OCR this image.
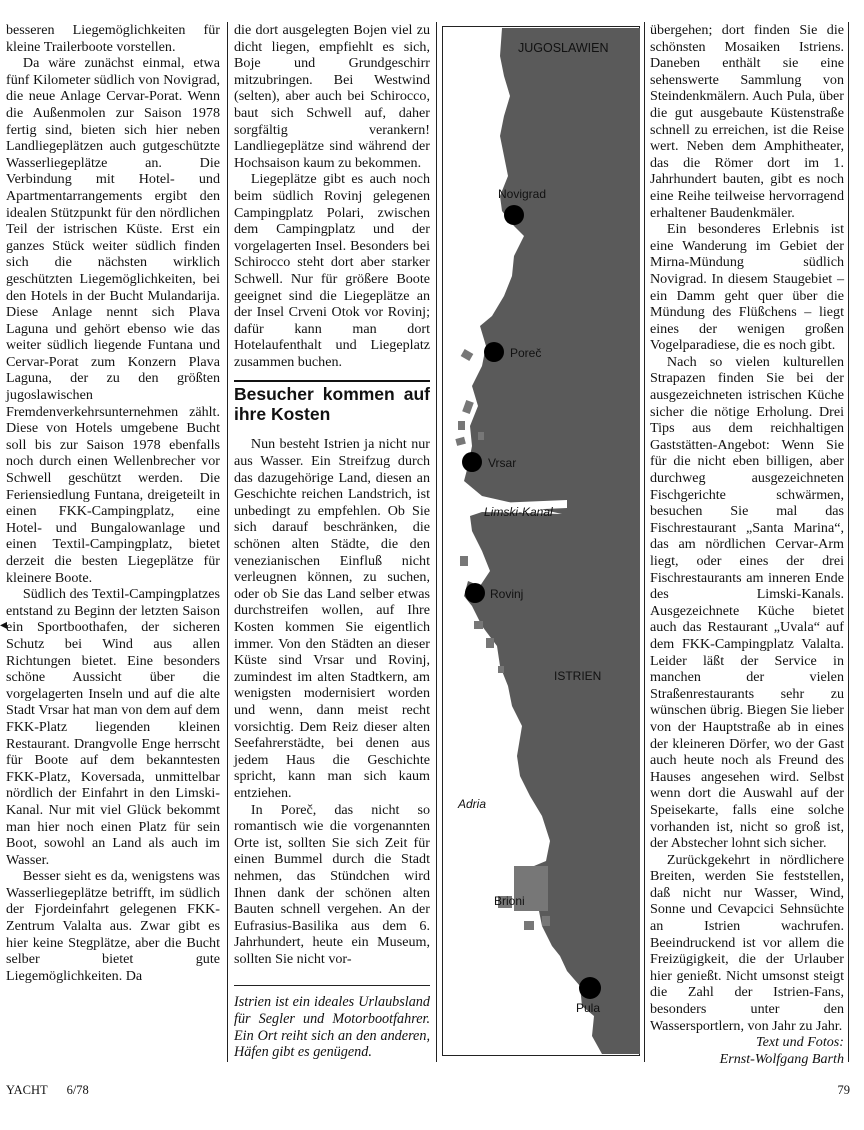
besseren Liegemöglichkeiten für kleine Trailerboote vorstellen.

Da wäre zunächst einmal, etwa fünf Kilometer südlich von Novigrad, die neue Anlage Cervar-Porat. Wenn die Außenmolen zur Saison 1978 fertig sind, bieten sich hier neben Landliegeplätzen auch gutgeschützte Wasserliegeplätze an. Die Verbindung mit Hotel- und Apartmentarrangements ergibt den idealen Stützpunkt für den nördlichen Teil der istrischen Küste. Erst ein ganzes Stück weiter südlich finden sich die nächsten wirklich geschützten Liegemöglichkeiten, bei den Hotels in der Bucht Mulandarija. Diese Anlage nennt sich Plava Laguna und gehört ebenso wie das weiter südlich liegende Funtana und Cervar-Porat zum Konzern Plava Laguna, der zu den größten jugoslawischen Fremdenverkehrsunternehmen zählt. Diese von Hotels umgebene Bucht soll bis zur Saison 1978 ebenfalls noch durch einen Wellenbrecher vor Schwell geschützt werden. Die Feriensiedlung Funtana, dreigeteilt in einen FKK-Campingplatz, eine Hotel- und Bungalowanlage und einen Textil-Campingplatz, bietet derzeit die besten Liegeplätze für kleinere Boote.

Südlich des Textil-Campingplatzes entstand zu Beginn der letzten Saison ein Sportboothafen, der sicheren Schutz bei Wind aus allen Richtungen bietet. Eine besonders schöne Aussicht über die vorgelagerten Inseln und auf die alte Stadt Vrsar hat man von dem auf dem FKK-Platz liegenden kleinen Restaurant. Drangvolle Enge herrscht für Boote auf dem bekanntesten FKK-Platz, Koversada, unmittelbar nördlich der Einfahrt in den Limski-Kanal. Nur mit viel Glück bekommt man hier noch einen Platz für sein Boot, sowohl an Land als auch im Wasser.

Besser sieht es da, wenigstens was Wasserliegeplätze betrifft, im südlich der Fjordeinfahrt gelegenen FKK-Zentrum Valalta aus. Zwar gibt es hier keine Stegplätze, aber die Bucht selber bietet gute Liegemöglichkeiten. Da

◂

die dort ausgelegten Bojen viel zu dicht liegen, empfiehlt es sich, Boje und Grundgeschirr mitzubringen. Bei Westwind (selten), aber auch bei Schirocco, baut sich Schwell auf, daher sorgfältig verankern! Landliegeplätze sind während der Hochsaison kaum zu bekommen.

Liegeplätze gibt es auch noch beim südlich Rovinj gelegenen Campingplatz Polari, zwischen dem Campingplatz und der vorgelagerten Insel. Besonders bei Schirocco steht dort aber starker Schwell. Nur für größere Boote geeignet sind die Liegeplätze an der Insel Crveni Otok vor Rovinj; dafür kann man dort Hotelaufenthalt und Liegeplatz zusammen buchen.

Besucher kommen auf ihre Kosten

Nun besteht Istrien ja nicht nur aus Wasser. Ein Streifzug durch das dazugehörige Land, diesen an Geschichte reichen Landstrich, ist unbedingt zu empfehlen. Ob Sie sich darauf beschränken, die schönen alten Städte, die den venezianischen Einfluß nicht verleugnen können, zu suchen, oder ob Sie das Land selber etwas durchstreifen wollen, auf Ihre Kosten kommen Sie eigentlich immer. Von den Städten an dieser Küste sind Vrsar und Rovinj, zumindest im alten Stadtkern, am wenigsten modernisiert worden und wenn, dann meist recht vorsichtig. Dem Reiz dieser alten Seefahrerstädte, bei denen aus jedem Haus die Geschichte spricht, kann man sich kaum entziehen.

In Poreč, das nicht so romantisch wie die vorgenannten Orte ist, sollten Sie sich Zeit für einen Bummel durch die Stadt nehmen, das Stündchen wird Ihnen dank der schönen alten Bauten schnell vergehen. An der Eufrasius-Basilika aus dem 6. Jahrhundert, heute ein Museum, sollten Sie nicht vor-

Istrien ist ein ideales Urlaubsland für Segler und Motorbootfahrer. Ein Ort reiht sich an den anderen, Häfen gibt es genügend.
JUGOSLAWIEN
Novigrad
Poreč
Vrsar
Limski-Kanal
Rovinj
ISTRIEN
Adria
Brioni
Pula

übergehen; dort finden Sie die schönsten Mosaiken Istriens. Daneben enthält sie eine sehenswerte Sammlung von Steindenkmälern. Auch Pula, über die gut ausgebaute Küstenstraße schnell zu erreichen, ist die Reise wert. Neben dem Amphitheater, das die Römer dort im 1. Jahrhundert bauten, gibt es noch eine Reihe teilweise hervorragend erhaltener Baudenkmäler.

Ein besonderes Erlebnis ist eine Wanderung im Gebiet der Mirna-Mündung südlich Novigrad. In diesem Staugebiet – ein Damm geht quer über die Mündung des Flüßchens – liegt eines der wenigen großen Vogelparadiese, die es noch gibt.

Nach so vielen kulturellen Strapazen finden Sie bei der ausgezeichneten istrischen Küche sicher die nötige Erholung. Drei Tips aus dem reichhaltigen Gaststätten-Angebot: Wenn Sie für die nicht eben billigen, aber durchweg ausgezeichneten Fischgerichte schwärmen, besuchen Sie mal das Fischrestaurant „Santa Marina“, das am nördlichen Cervar-Arm liegt, oder eines der drei Fischrestaurants am inneren Ende des Limski-Kanals. Ausgezeichnete Küche bietet auch das Restaurant „Uvala“ auf dem FKK-Campingplatz Valalta. Leider läßt der Service in manchen der vielen Straßenrestaurants sehr zu wünschen übrig. Biegen Sie lieber von der Hauptstraße ab in eines der kleineren Dörfer, wo der Gast auch heute noch als Freund des Hauses angesehen wird. Selbst wenn dort die Auswahl auf der Speisekarte, falls eine solche vorhanden ist, nicht so groß ist, der Abstecher lohnt sich sicher.

Zurückgekehrt in nördlichere Breiten, werden Sie feststellen, daß nicht nur Wasser, Wind, Sonne und Cevapcici Sehnsüchte an Istrien wachrufen. Beeindruckend ist vor allem die Freizügigkeit, die der Urlauber hier genießt. Nicht umsonst steigt die Zahl der Istrien-Fans, besonders unter den Wassersportlern, von Jahr zu Jahr.

Text und Fotos:

Ernst-Wolfgang Barth

YACHT 6/78	79
